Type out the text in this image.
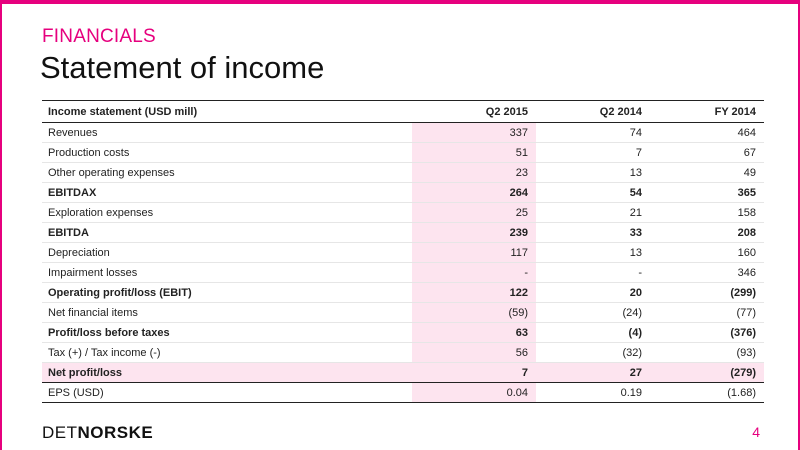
FINANCIALS
Statement of income
Income statement (USD mill)	Q2 2015	Q2 2014	FY 2014
Revenues	337	74	464
Production costs	51	7	67
Other operating expenses	23	13	49
EBITDAX	264	54	365
Exploration expenses	25	21	158
EBITDA	239	33	208
Depreciation	117	13	160
Impairment losses	-	-	346
Operating profit/loss (EBIT)	122	20	(299)
Net financial items	(59)	(24)	(77)
Profit/loss before taxes	63	(4)	(376)
Tax (+) / Tax income (-)	56	(32)	(93)
Net profit/loss	7	27	(279)
EPS (USD)	0.04	0.19	(1.68)
DETNORSKE	4
